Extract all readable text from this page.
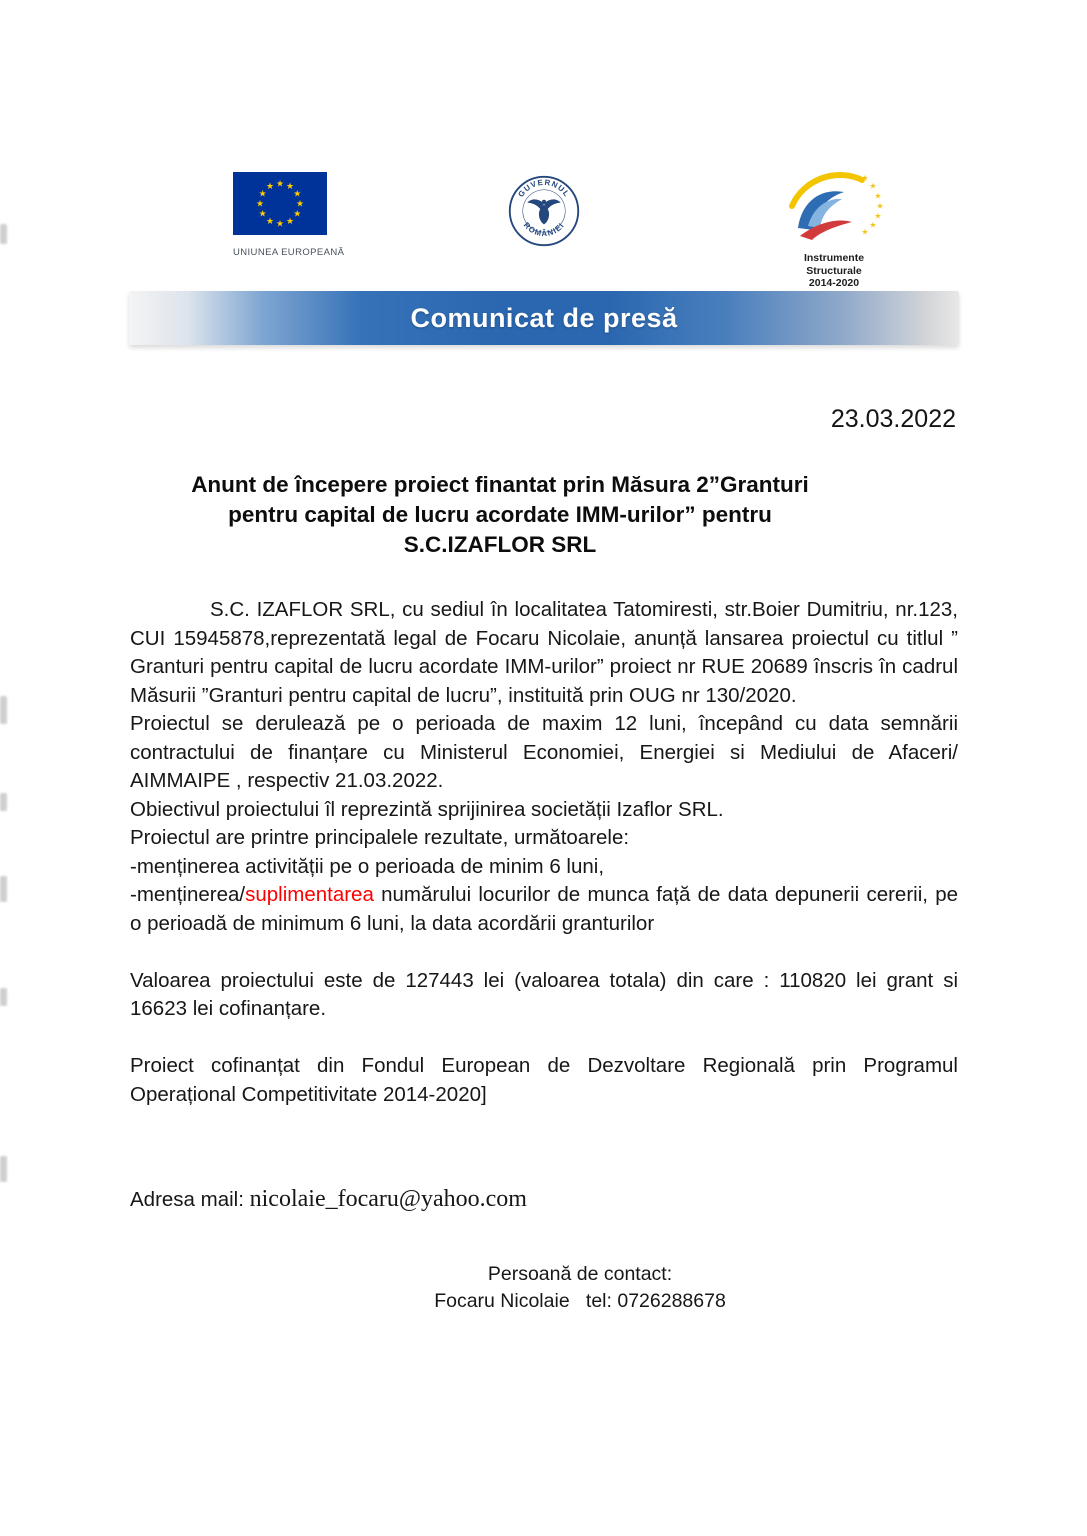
★ ★
★
★
★
★
★
★
★
★
★
★
UNIUNEA EUROPEANĂ
GUVERNUL
ROMÂNIEI
★
★
★
★
★
★
★
Instrumente Structurale
2014-2020
Comunicat de presă
23.03.2022
Anunt de începere proiect finantat prin Măsura 2”Granturi
pentru capital de lucru acordate IMM-urilor” pentru
S.C.IZAFLOR SRL

S.C. IZAFLOR SRL, cu sediul în localitatea Tatomiresti, str.Boier Dumitriu, nr.123, CUI 15945878,reprezentată legal de Focaru Nicolaie, anunță lansarea proiectul cu titlul ” Granturi pentru capital de lucru acordate IMM-urilor” proiect nr RUE 20689 înscris în cadrul Măsurii ”Granturi pentru capital de lucru”, instituită prin OUG nr 130/2020.

Proiectul se derulează pe o perioada de maxim 12 luni, începând cu data semnării contractului de finanțare cu Ministerul Economiei, Energiei si Mediului de Afaceri/ AIMMAIPE , respectiv 21.03.2022.

Obiectivul proiectului îl reprezintă sprijinirea societății Izaflor SRL.

Proiectul are printre principalele rezultate, următoarele:

-menținerea activității pe o perioada de minim 6 luni,

-menținerea/suplimentarea numărului locurilor de munca față de data depunerii cererii, pe o perioadă de minimum 6 luni, la data acordării granturilor

Valoarea proiectului este de 127443 lei (valoarea totala) din care : 110820 lei grant si 16623 lei cofinanțare.

Proiect cofinanțat din Fondul European de Dezvoltare Regională prin Programul Operațional Competitivitate 2014-2020]

Adresa mail: nicolaie_focaru@yahoo.com

Persoană de contact:
Focaru Nicolaie   tel: 0726288678
